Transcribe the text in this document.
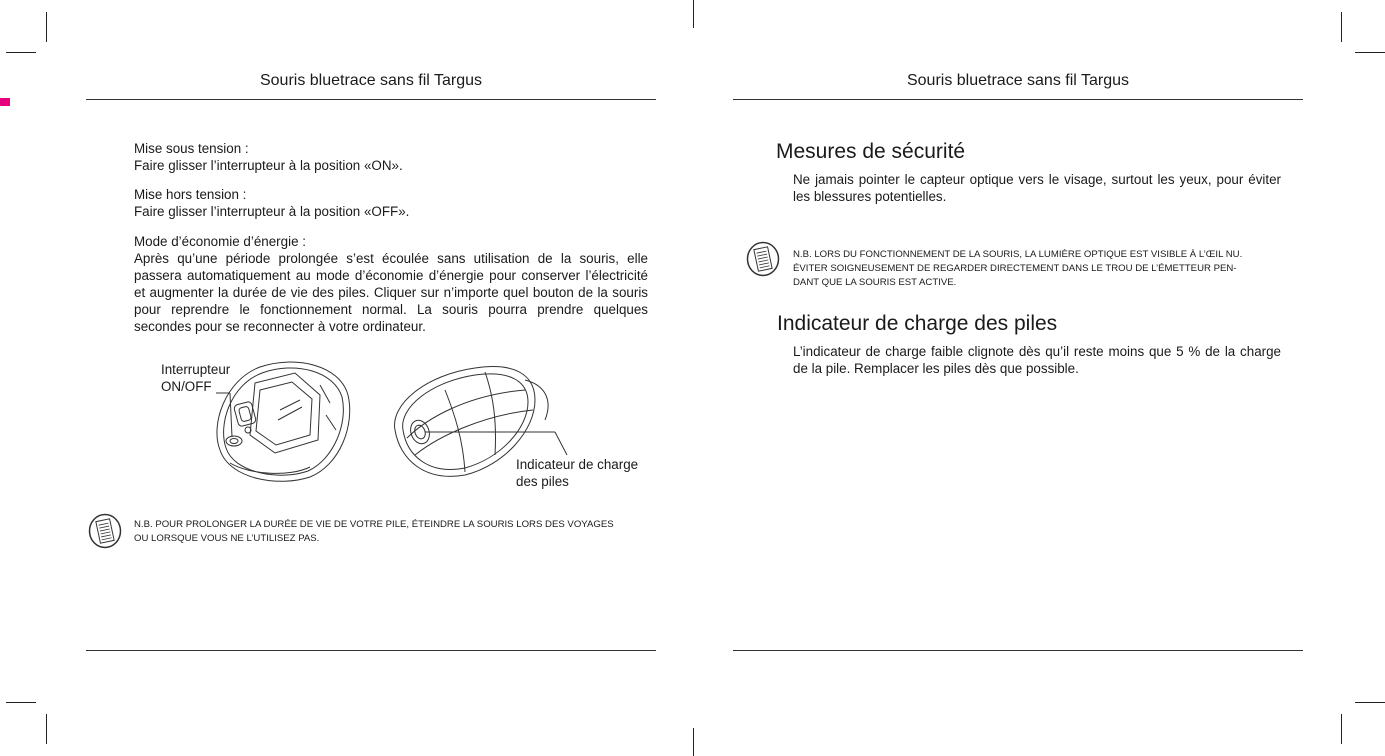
Souris bluetrace sans fil Targus
Mise sous tension :
Faire glisser l’interrupteur à la position «ON».
Mise hors tension :
Faire glisser l’interrupteur à la position «OFF».
Mode d’économie d’énergie :
Après qu’une période prolongée s’est écoulée sans utilisation de la souris, elle passera automatiquement au mode d’économie d’énergie pour conserver l’électricité et augmenter la durée de vie des piles. Cliquer sur n’importe quel bouton de la souris pour reprendre le fonctionnement normal. La souris pourra prendre quelques secondes pour se reconnecter à votre ordinateur.
Interrupteur
ON/OFF
Indicateur de charge
des piles
N.B. POUR PROLONGER LA DURÉE DE VIE DE VOTRE PILE, ÉTEINDRE LA SOURIS LORS DES VOYAGES
OU LORSQUE VOUS NE L’UTILISEZ PAS.
Souris bluetrace sans fil Targus
Mesures de sécurité
Ne jamais pointer le capteur optique vers le visage, surtout les yeux, pour éviter les blessures potentielles.
N.B. LORS DU FONCTIONNEMENT DE LA SOURIS, LA LUMIÈRE OPTIQUE EST VISIBLE À L’ŒIL NU.
ÉVITER SOIGNEUSEMENT DE REGARDER DIRECTEMENT DANS LE TROU DE L’ÉMETTEUR PEN-
DANT QUE LA SOURIS EST ACTIVE.
Indicateur de charge des piles
L’indicateur de charge faible clignote dès qu’il reste moins que 5 % de la charge de la pile. Remplacer les piles dès que possible.
